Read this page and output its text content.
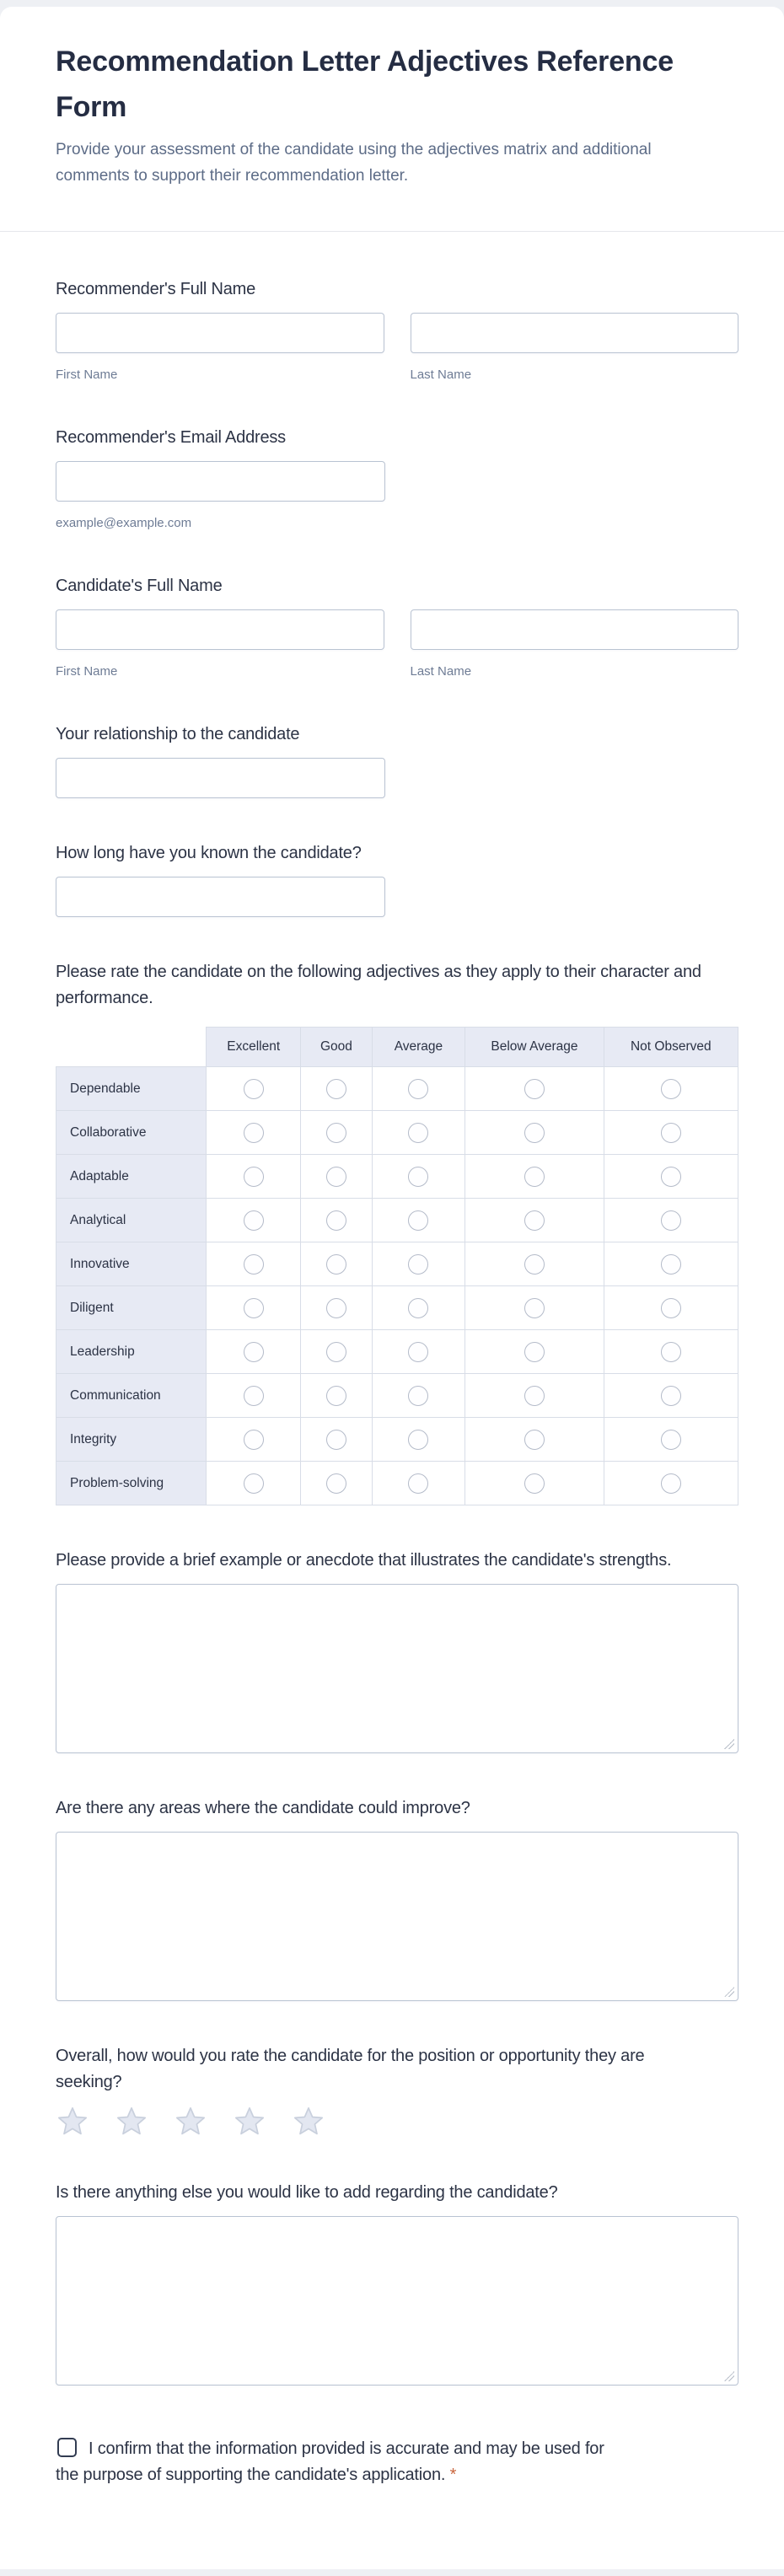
Recommendation Letter Adjectives Reference Form

Provide your assessment of the candidate using the adjectives matrix and additional comments to support their recommendation letter.

Recommender's Full Name
First Name	Last Name
Recommender's Email Address
example@example.com
Candidate's Full Name
First Name	Last Name
Your relationship to the candidate
How long have you known the candidate?
Please rate the candidate on the following adjectives as they apply to their character and performance.
	Excellent	Good	Average	Below Average	Not Observed
Dependable					
Collaborative					
Adaptable					
Analytical					
Innovative					
Diligent					
Leadership					
Communication					
Integrity					
Problem-solving					
Please provide a brief example or anecdote that illustrates the candidate's strengths.
Are there any areas where the candidate could improve?
Overall, how would you rate the candidate for the position or opportunity they are seeking?
Is there anything else you would like to add regarding the candidate?
I confirm that the information provided is accurate and may be used for
the purpose of supporting the candidate's application. *
